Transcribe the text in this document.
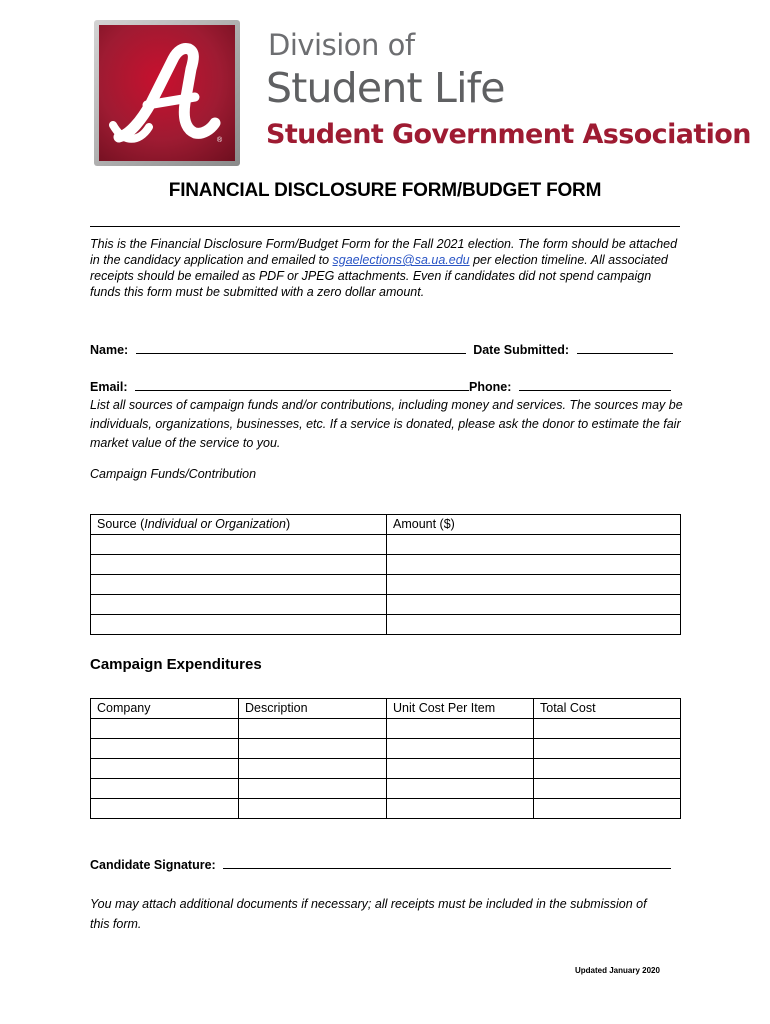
®
Division of
Student Life
Student Government Association
FINANCIAL DISCLOSURE FORM/BUDGET FORM
This is the Financial Disclosure Form/Budget Form for the Fall 2021 election. The form should be attached in the candidacy application and emailed to sgaelections@sa.ua.edu per election timeline. All associated receipts should be emailed as PDF or JPEG attachments. Even if candidates did not spend campaign funds this form must be submitted with a zero dollar amount.
Name:	Date Submitted:
Email:	Phone:
List all sources of campaign funds and/or contributions, including money and services. The sources may be individuals, organizations, businesses, etc. If a service is donated, please ask the donor to estimate the fair market value of the service to you.
Campaign Funds/Contribution
Source (Individual or Organization)	Amount ($)

Campaign Expenditures
Company	Description	Unit Cost Per Item	Total Cost

Candidate Signature:
You may attach additional documents if necessary; all receipts must be included in the submission of this form.
Updated January 2020
